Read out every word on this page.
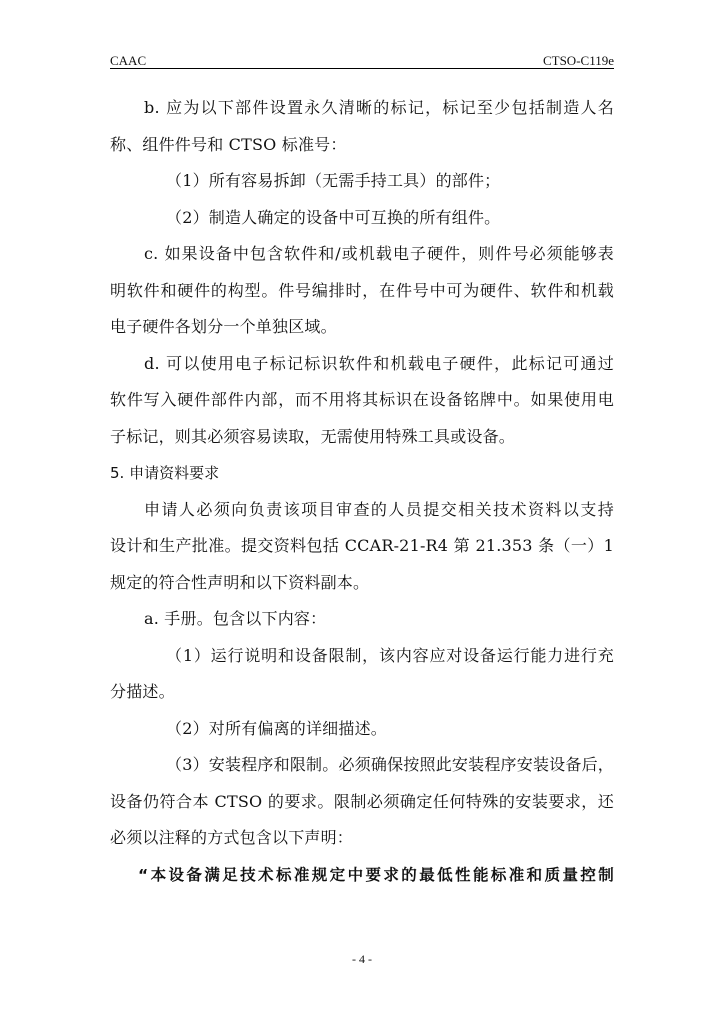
CAAC	CTSO-C119e

b. 应为以下部件设置永久清晰的标记，标记至少包括制造人名

称、组件件号和 CTSO 标准号：

（1）所有容易拆卸（无需手持工具）的部件；

（2）制造人确定的设备中可互换的所有组件。

c. 如果设备中包含软件和/或机载电子硬件，则件号必须能够表

明软件和硬件的构型。件号编排时，在件号中可为硬件、软件和机载

电子硬件各划分一个单独区域。

d. 可以使用电子标记标识软件和机载电子硬件，此标记可通过

软件写入硬件部件内部，而不用将其标识在设备铭牌中。如果使用电

子标记，则其必须容易读取，无需使用特殊工具或设备。

5. 申请资料要求

申请人必须向负责该项目审查的人员提交相关技术资料以支持

设计和生产批准。提交资料包括 CCAR-21-R4 第 21.353 条（一）1

规定的符合性声明和以下资料副本。

a. 手册。包含以下内容：

（1）运行说明和设备限制，该内容应对设备运行能力进行充

分描述。

（2）对所有偏离的详细描述。

（3）安装程序和限制。必须确保按照此安装程序安装设备后，

设备仍符合本 CTSO 的要求。限制必须确定任何特殊的安装要求，还

必须以注释的方式包含以下声明：

“本设备满足技术标准规定中要求的最低性能标准和质量控制

- 4 -
